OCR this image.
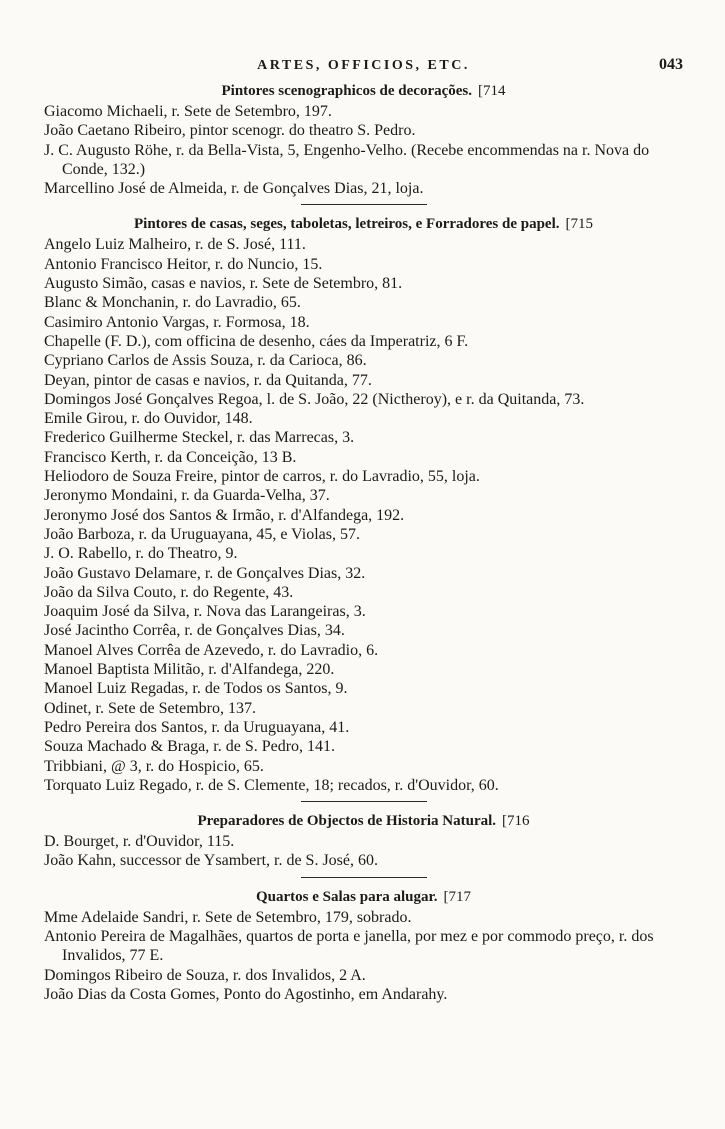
ARTES, OFFICIOS, ETC.	043
Pintores scenographicos de decorações. [714
Giacomo Michaeli, r. Sete de Setembro, 197.
João Caetano Ribeiro, pintor scenogr. do theatro S. Pedro.
J. C. Augusto Röhe, r. da Bella-Vista, 5, Engenho-Velho. (Recebe encommendas na r. Nova do Conde, 132.)
Marcellino José de Almeida, r. de Gonçalves Dias, 21, loja.
Pintores de casas, seges, taboletas, letreiros, e Forradores de papel. [715
Angelo Luiz Malheiro, r. de S. José, 111.
Antonio Francisco Heitor, r. do Nuncio, 15.
Augusto Simão, casas e navios, r. Sete de Setembro, 81.
Blanc & Monchanin, r. do Lavradio, 65.
Casimiro Antonio Vargas, r. Formosa, 18.
Chapelle (F. D.), com officina de desenho, cáes da Imperatriz, 6 F.
Cypriano Carlos de Assis Souza, r. da Carioca, 86.
Deyan, pintor de casas e navios, r. da Quitanda, 77.
Domingos José Gonçalves Regoa, l. de S. João, 22 (Nictheroy), e r. da Quitanda, 73.
Emile Girou, r. do Ouvidor, 148.
Frederico Guilherme Steckel, r. das Marrecas, 3.
Francisco Kerth, r. da Conceição, 13 B.
Heliodoro de Souza Freire, pintor de carros, r. do Lavradio, 55, loja.
Jeronymo Mondaini, r. da Guarda-Velha, 37.
Jeronymo José dos Santos & Irmão, r. d'Alfandega, 192.
João Barboza, r. da Uruguayana, 45, e Violas, 57.
J. O. Rabello, r. do Theatro, 9.
João Gustavo Delamare, r. de Gonçalves Dias, 32.
João da Silva Couto, r. do Regente, 43.
Joaquim José da Silva, r. Nova das Larangeiras, 3.
José Jacintho Corrêa, r. de Gonçalves Dias, 34.
Manoel Alves Corrêa de Azevedo, r. do Lavradio, 6.
Manoel Baptista Militão, r. d'Alfandega, 220.
Manoel Luiz Regadas, r. de Todos os Santos, 9.
Odinet, r. Sete de Setembro, 137.
Pedro Pereira dos Santos, r. da Uruguayana, 41.
Souza Machado & Braga, r. de S. Pedro, 141.
Tribbiani, @ 3, r. do Hospicio, 65.
Torquato Luiz Regado, r. de S. Clemente, 18; recados, r. d'Ouvidor, 60.
Preparadores de Objectos de Historia Natural. [716
D. Bourget, r. d'Ouvidor, 115.
João Kahn, successor de Ysambert, r. de S. José, 60.
Quartos e Salas para alugar. [717
Mme Adelaide Sandri, r. Sete de Setembro, 179, sobrado.
Antonio Pereira de Magalhães, quartos de porta e janella, por mez e por commodo preço, r. dos Invalidos, 77 E.
Domingos Ribeiro de Souza, r. dos Invalidos, 2 A.
João Dias da Costa Gomes, Ponto do Agostinho, em Andarahy.
